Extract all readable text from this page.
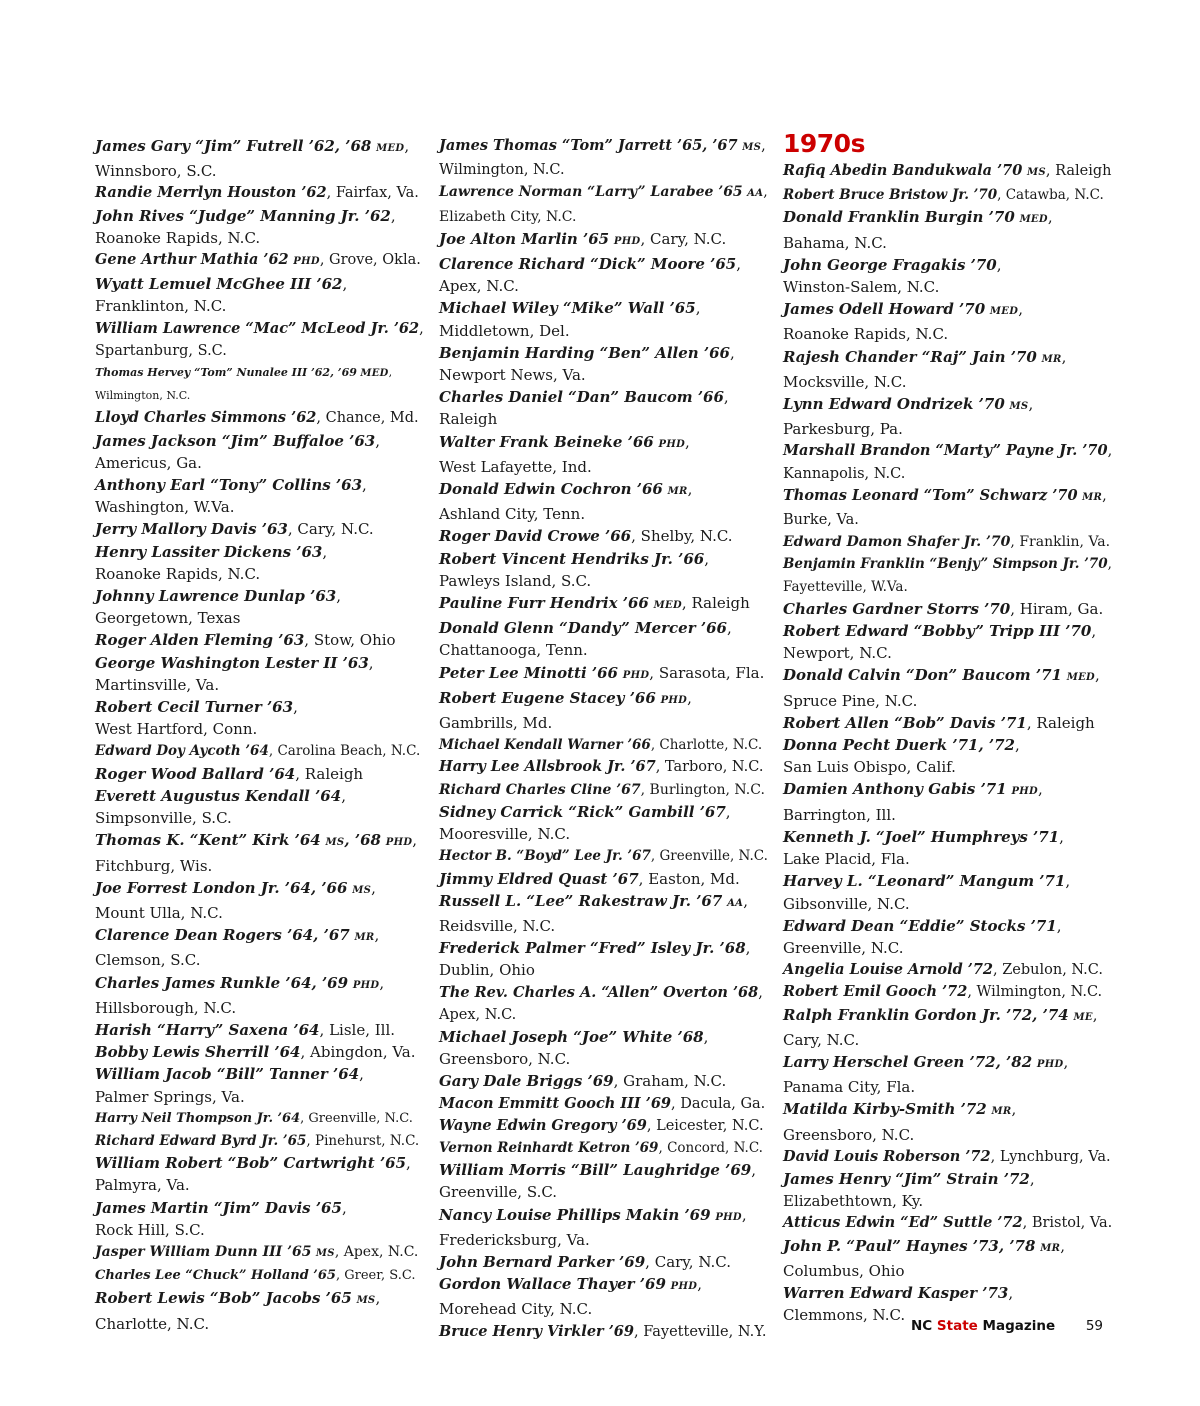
James Gary “Jim” Futrell ’62, ’68 MED,
Winnsboro, S.C.

Randie Merrlyn Houston ’62, Fairfax, Va.

John Rives “Judge” Manning Jr. ’62,
Roanoke Rapids, N.C.

Gene Arthur Mathia ’62 PHD, Grove, Okla.

Wyatt Lemuel McGhee III ’62,
Franklinton, N.C.

William Lawrence “Mac” McLeod Jr. ’62,
Spartanburg, S.C.

Thomas Hervey “Tom” Nunalee III ’62, ’69 MED, Wilmington, N.C.

Lloyd Charles Simmons ’62, Chance, Md.

James Jackson “Jim” Buffaloe ’63,
Americus, Ga.

Anthony Earl “Tony” Collins ’63,
Washington, W.Va.

Jerry Mallory Davis ’63, Cary, N.C.

Henry Lassiter Dickens ’63,
Roanoke Rapids, N.C.

Johnny Lawrence Dunlap ’63,
Georgetown, Texas

Roger Alden Fleming ’63, Stow, Ohio

George Washington Lester II ’63,
Martinsville, Va.

Robert Cecil Turner ’63,
West Hartford, Conn.

Edward Doy Aycoth ’64, Carolina Beach, N.C.

Roger Wood Ballard ’64, Raleigh

Everett Augustus Kendall ’64,
Simpsonville, S.C.

Thomas K. “Kent” Kirk ’64 MS, ’68 PHD,
Fitchburg, Wis.

Joe Forrest London Jr. ’64, ’66 MS,
Mount Ulla, N.C.

Clarence Dean Rogers ’64, ’67 MR,
Clemson, S.C.

Charles James Runkle ’64, ’69 PHD,
Hillsborough, N.C.

Harish “Harry” Saxena ’64, Lisle, Ill.

Bobby Lewis Sherrill ’64, Abingdon, Va.

William Jacob “Bill” Tanner ’64,
Palmer Springs, Va.

Harry Neil Thompson Jr. ’64, Greenville, N.C.

Richard Edward Byrd Jr. ’65, Pinehurst, N.C.

William Robert “Bob” Cartwright ’65,
Palmyra, Va.

James Martin “Jim” Davis ’65,
Rock Hill, S.C.

Jasper William Dunn III ’65 MS, Apex, N.C.

Charles Lee “Chuck” Holland ’65, Greer, S.C.

Robert Lewis “Bob” Jacobs ’65 MS,
Charlotte, N.C.

James Thomas “Tom” Jarrett ’65, ’67 MS,
Wilmington, N.C.

Lawrence Norman “Larry” Larabee ’65 AA,
Elizabeth City, N.C.

Joe Alton Marlin ’65 PHD, Cary, N.C.

Clarence Richard “Dick” Moore ’65,
Apex, N.C.

Michael Wiley “Mike” Wall ’65,
Middletown, Del.

Benjamin Harding “Ben” Allen ’66,
Newport News, Va.

Charles Daniel “Dan” Baucom ’66,
Raleigh

Walter Frank Beineke ’66 PHD,
West Lafayette, Ind.

Donald Edwin Cochron ’66 MR,
Ashland City, Tenn.

Roger David Crowe ’66, Shelby, N.C.

Robert Vincent Hendriks Jr. ’66,
Pawleys Island, S.C.

Pauline Furr Hendrix ’66 MED, Raleigh

Donald Glenn “Dandy” Mercer ’66,
Chattanooga, Tenn.

Peter Lee Minotti ’66 PHD, Sarasota, Fla.

Robert Eugene Stacey ’66 PHD,
Gambrills, Md.

Michael Kendall Warner ’66, Charlotte, N.C.

Harry Lee Allsbrook Jr. ’67, Tarboro, N.C.

Richard Charles Cline ’67, Burlington, N.C.

Sidney Carrick “Rick” Gambill ’67,
Mooresville, N.C.

Hector B. “Boyd” Lee Jr. ’67, Greenville, N.C.

Jimmy Eldred Quast ’67, Easton, Md.

Russell L. “Lee” Rakestraw Jr. ’67 AA,
Reidsville, N.C.

Frederick Palmer “Fred” Isley Jr. ’68,
Dublin, Ohio

The Rev. Charles A. “Allen” Overton ’68,
Apex, N.C.

Michael Joseph “Joe” White ’68,
Greensboro, N.C.

Gary Dale Briggs ’69, Graham, N.C.

Macon Emmitt Gooch III ’69, Dacula, Ga.

Wayne Edwin Gregory ’69, Leicester, N.C.

Vernon Reinhardt Ketron ’69, Concord, N.C.

William Morris “Bill” Laughridge ’69,
Greenville, S.C.

Nancy Louise Phillips Makin ’69 PHD,
Fredericksburg, Va.

John Bernard Parker ’69, Cary, N.C.

Gordon Wallace Thayer ’69 PHD,
Morehead City, N.C.

Bruce Henry Virkler ’69, Fayetteville, N.Y.

1970s

Rafiq Abedin Bandukwala ’70 MS, Raleigh

Robert Bruce Bristow Jr. ’70, Catawba, N.C.

Donald Franklin Burgin ’70 MED,
Bahama, N.C.

John George Fragakis ’70,
Winston-Salem, N.C.

James Odell Howard ’70 MED,
Roanoke Rapids, N.C.

Rajesh Chander “Raj” Jain ’70 MR,
Mocksville, N.C.

Lynn Edward Ondrizek ’70 MS,
Parkesburg, Pa.

Marshall Brandon “Marty” Payne Jr. ’70,
Kannapolis, N.C.

Thomas Leonard “Tom” Schwarz ’70 MR,
Burke, Va.

Edward Damon Shafer Jr. ’70, Franklin, Va.

Benjamin Franklin “Benjy” Simpson Jr. ’70,
Fayetteville, W.Va.

Charles Gardner Storrs ’70, Hiram, Ga.

Robert Edward “Bobby” Tripp III ’70,
Newport, N.C.

Donald Calvin “Don” Baucom ’71 MED,
Spruce Pine, N.C.

Robert Allen “Bob” Davis ’71, Raleigh

Donna Pecht Duerk ’71, ’72,
San Luis Obispo, Calif.

Damien Anthony Gabis ’71 PHD,
Barrington, Ill.

Kenneth J. “Joel” Humphreys ’71,
Lake Placid, Fla.

Harvey L. “Leonard” Mangum ’71,
Gibsonville, N.C.

Edward Dean “Eddie” Stocks ’71,
Greenville, N.C.

Angelia Louise Arnold ’72, Zebulon, N.C.

Robert Emil Gooch ’72, Wilmington, N.C.

Ralph Franklin Gordon Jr. ’72, ’74 ME,
Cary, N.C.

Larry Herschel Green ’72, ’82 PHD,
Panama City, Fla.

Matilda Kirby-Smith ’72 MR,
Greensboro, N.C.

David Louis Roberson ’72, Lynchburg, Va.

James Henry “Jim” Strain ’72,
Elizabethtown, Ky.

Atticus Edwin “Ed” Suttle ’72, Bristol, Va.

John P. “Paul” Haynes ’73, ’78 MR,
Columbus, Ohio

Warren Edward Kasper ’73,
Clemmons, N.C.

NC State Magazine 59
